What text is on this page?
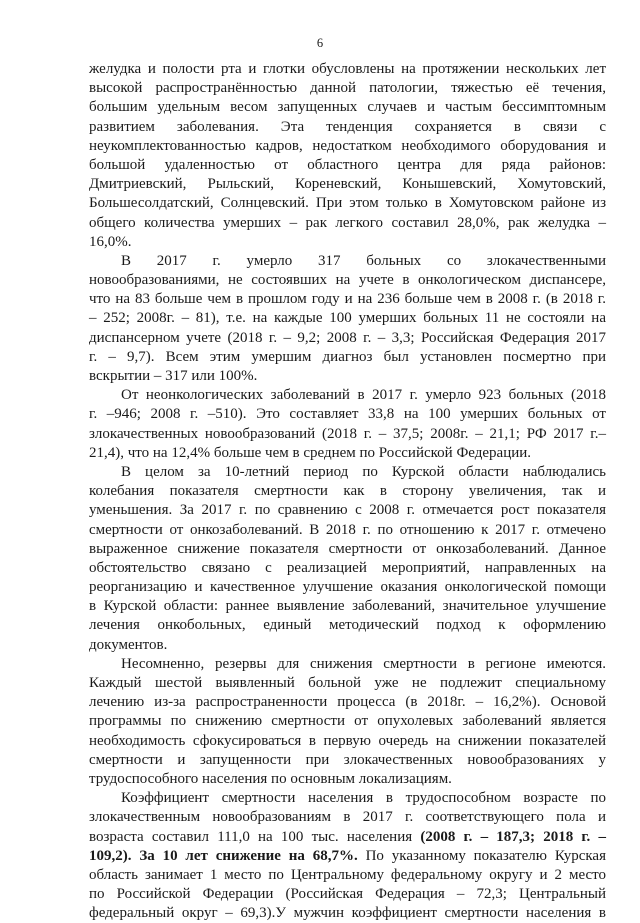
6
желудка и полости рта и глотки обусловлены на протяжении нескольких лет
высокой распространённостью данной патологии, тяжестью её течения,
большим удельным весом запущенных случаев и частым бессимптомным
развитием заболевания. Эта тенденция сохраняется в связи с
неукомплектованностью кадров, недостатком необходимого оборудования и
большой удаленностью от областного центра для ряда районов:
Дмитриевский, Рыльский, Кореневский, Конышевский, Хомутовский,
Большесолдатский, Солнцевский. При этом только в Хомутовском районе из
общего количества умерших – рак легкого составил 28,0%, рак желудка –
16,0%.
В 2017 г. умерло 317 больных со злокачественными
новообразованиями, не состоявших на учете в онкологическом диспансере,
что на 83 больше чем в прошлом году и на 236 больше чем в 2008 г. (в 2018 г.
– 252; 2008г. – 81), т.е. на каждые 100 умерших больных 11 не состояли на
диспансерном учете (2018 г. – 9,2; 2008 г. – 3,3; Российская Федерация 2017
г. – 9,7). Всем этим умершим диагноз был установлен посмертно при
вскрытии – 317 или 100%.
От неонкологических заболеваний в 2017 г. умерло 923 больных (2018
г. –946; 2008 г. –510). Это составляет 33,8 на 100 умерших больных от
злокачественных новообразований (2018 г. – 37,5; 2008г. – 21,1; РФ 2017 г.–
21,4), что на 12,4% больше чем в среднем по Российской Федерации.
В целом за 10-летний период по Курской области наблюдались
колебания показателя смертности как в сторону увеличения, так и
уменьшения. За 2017 г. по сравнению с 2008 г. отмечается рост показателя
смертности от онкозаболеваний. В 2018 г. по отношению к 2017 г. отмечено
выраженное снижение показателя смертности от онкозаболеваний. Данное
обстоятельство связано с реализацией мероприятий, направленных на
реорганизацию и качественное улучшение оказания онкологической помощи
в Курской области: раннее выявление заболеваний, значительное улучшение
лечения онкобольных, единый методический подход к оформлению
документов.
Несомненно, резервы для снижения смертности в регионе имеются.
Каждый шестой выявленный больной уже не подлежит специальному
лечению из-за распространенности процесса (в 2018г. – 16,2%). Основой
программы по снижению смертности от опухолевых заболеваний является
необходимость сфокусироваться в первую очередь на снижении показателей
смертности и запущенности при злокачественных новообразованиях у
трудоспособного населения по основным локализациям.
Коэффициент смертности населения в трудоспособном возрасте по
злокачественным новообразованиям в 2017 г. соответствующего пола и
возраста составил 111,0 на 100 тыс. населения (2008 г. – 187,3; 2018 г. –
109,2). За 10 лет снижение на 68,7%. По указанному показателю Курская
область занимает 1 место по Центральному федеральному округу и 2 место
по Российской Федерации (Российская Федерация – 72,3; Центральный
федеральный округ – 69,3).У мужчин коэффициент смертности населения в
